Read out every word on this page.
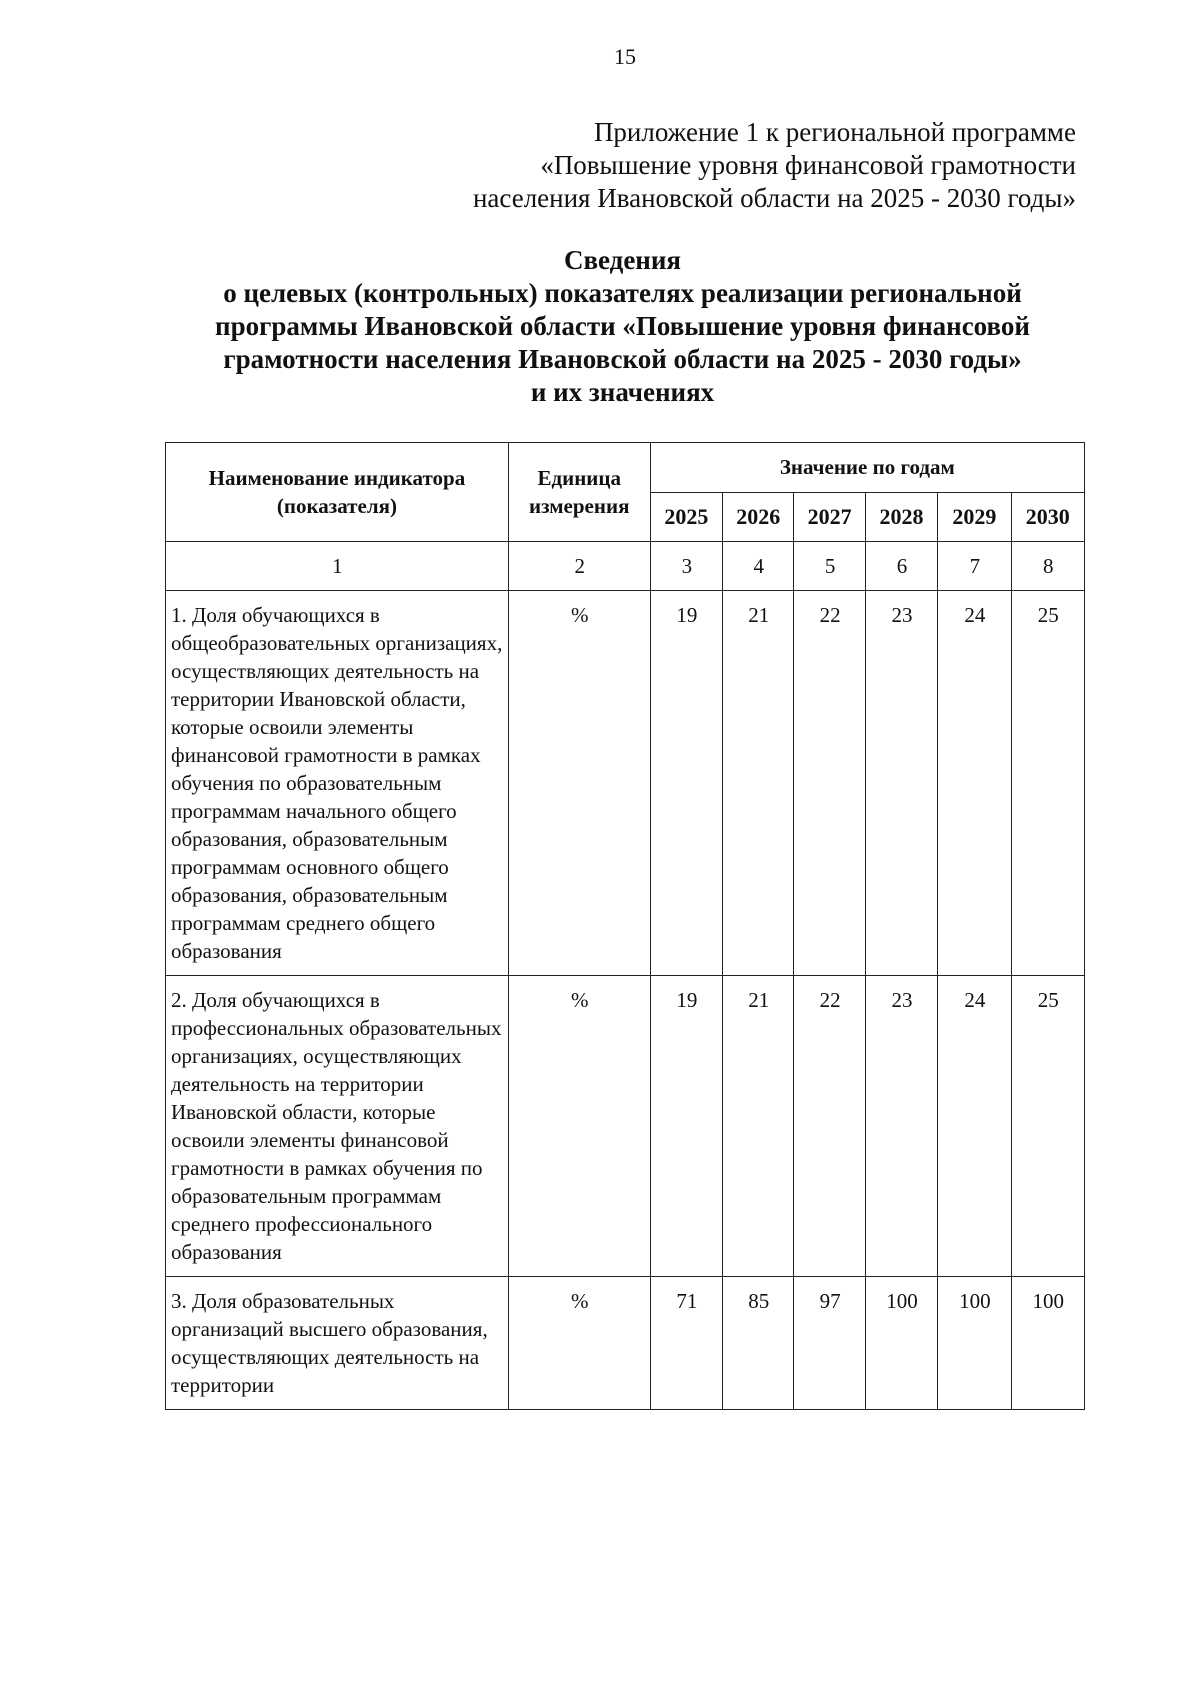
15
Приложение 1 к региональной программе
«Повышение уровня финансовой грамотности
населения Ивановской области на 2025 - 2030 годы»
Сведения
о целевых (контрольных) показателях реализации региональной
программы Ивановской области «Повышение уровня финансовой
грамотности населения Ивановской области на 2025 - 2030 годы»
и их значениях
Наименование индикатора (показателя)	Единица измерения	Значение по годам					
		2025	2026	2027	2028	2029	2030
1	2	3	4	5	6	7	8
1. Доля обучающихся в общеобразовательных организациях, осуществляющих деятельность на территории Ивановской области, которые освоили элементы финансовой грамотности в рамках обучения по образовательным программам начального общего образования, образовательным программам основного общего образования, образовательным программам среднего общего образования	%	19	21	22	23	24	25
2. Доля обучающихся в профессиональных образовательных организациях, осуществляющих деятельность на территории Ивановской области, которые освоили элементы финансовой грамотности в рамках обучения по образовательным программам среднего профессионального образования	%	19	21	22	23	24	25
3. Доля образовательных организаций высшего образования, осуществляющих деятельность на территории	%	71	85	97	100	100	100
